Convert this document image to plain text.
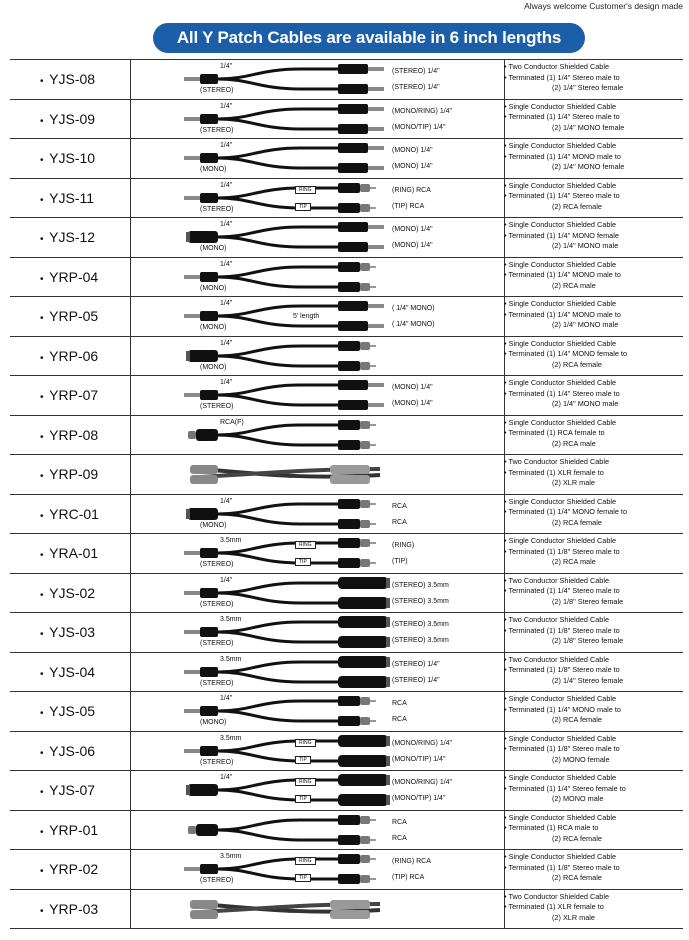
Always welcome Customer's design made
All Y Patch Cables are available in 6 inch lengths
• YJS-08
1/4"
(STEREO)
(STEREO) 1/4"
(STEREO) 1/4"
• Two Conductor Shielded Cable
• Terminated (1) 1/4" Stereo male to
(2) 1/4" Stereo female
• YJS-09
1/4"
(STEREO)
(MONO/RING) 1/4"
(MONO/TIP) 1/4"
• Single Conductor Shielded Cable
• Terminated (1) 1/4" Stereo male to
(2) 1/4" MONO female
• YJS-10
1/4"
(MONO)
(MONO) 1/4"
(MONO) 1/4"
• Single Conductor Shielded Cable
• Terminated (1) 1/4" MONO male to
(2) 1/4" MONO female
• YJS-11
1/4"
(STEREO)
(RING) RCA
(TIP) RCA
RING
TIP
• Single Conductor Shielded Cable
• Terminated (1) 1/4" Stereo male to
(2) RCA female
• YJS-12
1/4"
(MONO)
(MONO) 1/4"
(MONO) 1/4"
• Single Conductor Shielded Cable
• Terminated (1) 1/4" MONO female
(2) 1/4" MONO male
• YRP-04
1/4"
(MONO)
• Single Conductor Shielded Cable
• Terminated (1) 1/4" MONO male to
(2) RCA male
• YRP-05
1/4"
(MONO)
( 1/4" MONO)
( 1/4" MONO)
5' length
• Single Conductor Shielded Cable
• Terminated (1) 1/4" MONO male to
(2) 1/4" MONO male
• YRP-06
1/4"
(MONO)
• Single Conductor Shielded Cable
• Terminated (1) 1/4" MONO female to
(2) RCA female
• YRP-07
1/4"
(STEREO)
(MONO) 1/4"
(MONO) 1/4"
• Single Conductor Shielded Cable
• Terminated (1) 1/4" Stereo male to
(2) 1/4" MONO male
• YRP-08
RCA(F)	• Single Conductor Shielded Cable
• Terminated (1) RCA female to
(2) RCA male
• YRP-09
• Two Conductor Shielded Cable
• Terminated (1) XLR female to
(2) XLR male
• YRC-01
1/4"
(MONO)
RCA
RCA
• Single Conductor Shielded Cable
• Terminated (1) 1/4" MONO female to
(2) RCA female
• YRA-01
3.5mm
(STEREO)
(RING)
(TIP)
RING
TIP
• Single Conductor Shielded Cable
• Terminated (1) 1/8" Stereo male to
(2) RCA male
• YJS-02
1/4"
(STEREO)
(STEREO) 3.5mm
(STEREO) 3.5mm
• Two Conductor Shielded Cable
• Terminated (1) 1/4" Stereo male to
(2) 1/8" Stereo female
• YJS-03
3.5mm
(STEREO)
(STEREO) 3.5mm
(STEREO) 3.5mm
• Two Conductor Shielded Cable
• Terminated (1) 1/8" Stereo male to
(2) 1/8" Stereo female
• YJS-04
3.5mm
(STEREO)
(STEREO) 1/4"
(STEREO) 1/4"
• Two Conductor Shielded Cable
• Terminated (1) 1/8" Stereo male to
(2) 1/4" Stereo female
• YJS-05
1/4"
(MONO)
RCA
RCA
• Single Conductor Shielded Cable
• Terminated (1) 1/4" MONO male to
(2) RCA female
• YJS-06
3.5mm
(STEREO)
(MONO/RING) 1/4"
(MONO/TIP) 1/4"
RING
TIP
• Single Conductor Shielded Cable
• Terminated (1) 1/8" Stereo male to
(2) MONO female
• YJS-07
1/4"
(MONO/RING) 1/4"
(MONO/TIP) 1/4"
RING
TIP
• Single Conductor Shielded Cable
• Terminated (1) 1/4" Stereo female to
(2) MONO male
• YRP-01	RCA
RCA
• Single Conductor Shielded Cable
• Terminated (1) RCA male to
(2) RCA female
• YRP-02
3.5mm
(STEREO)
(RING) RCA
(TIP) RCA
RING
TIP
• Single Conductor Shielded Cable
• Terminated (1) 1/8" Stereo male to
(2) RCA female
• YRP-03
• Two Conductor Shielded Cable
• Terminated (1) XLR female to
(2) XLR male
